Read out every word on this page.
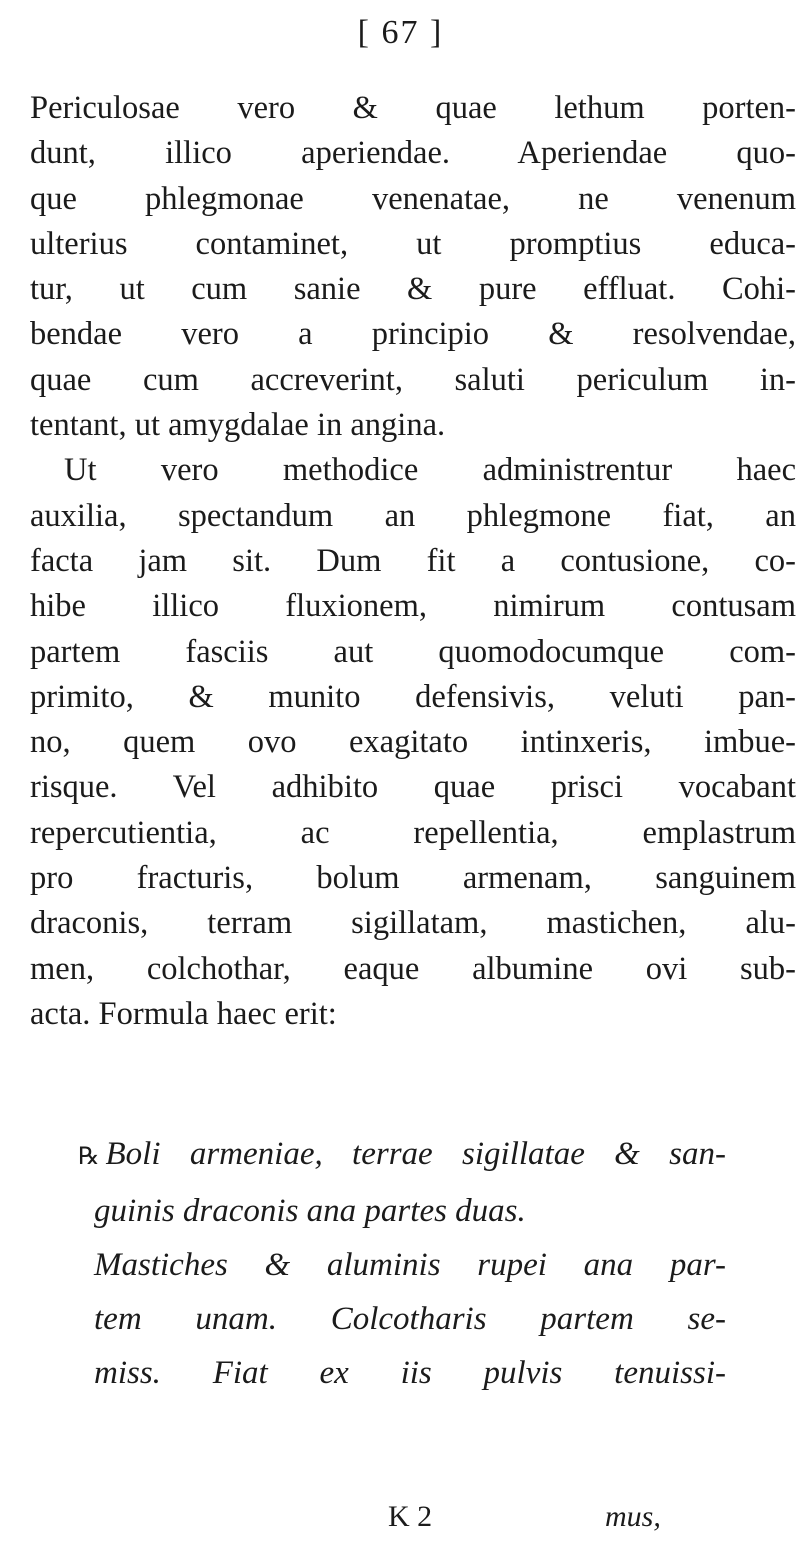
[ 67 ]
Periculosae vero & quae lethum porten-
dunt, illico aperiendae. Aperiendae quo-
que phlegmonae venenatae, ne venenum
ulterius contaminet, ut promptius educa-
tur, ut cum sanie & pure effluat. Cohi-
bendae vero a principio & resolvendae,
quae cum accreverint, saluti periculum in-
tentant, ut amygdalae in angina.
Ut vero methodice administrentur haec
auxilia, spectandum an phlegmone fiat, an
facta jam sit. Dum fit a contusione, co-
hibe illico fluxionem, nimirum contusam
partem fasciis aut quomodocumque com-
primito, & munito defensivis, veluti pan-
no, quem ovo exagitato intinxeris, imbue-
risque. Vel adhibito quae prisci vocabant
repercutientia, ac repellentia, emplastrum
pro fracturis, bolum armenam, sanguinem
draconis, terram sigillatam, mastichen, alu-
men, colchothar, eaque albumine ovi sub-
acta. Formula haec erit:
℞ Boli armeniae, terrae sigillatae & san-
guinis draconis ana partes duas.
Mastiches & aluminis rupei ana par-
tem unam. Colcotharis partem se-
miss. Fiat ex iis pulvis tenuissi-
K 2	mus,
